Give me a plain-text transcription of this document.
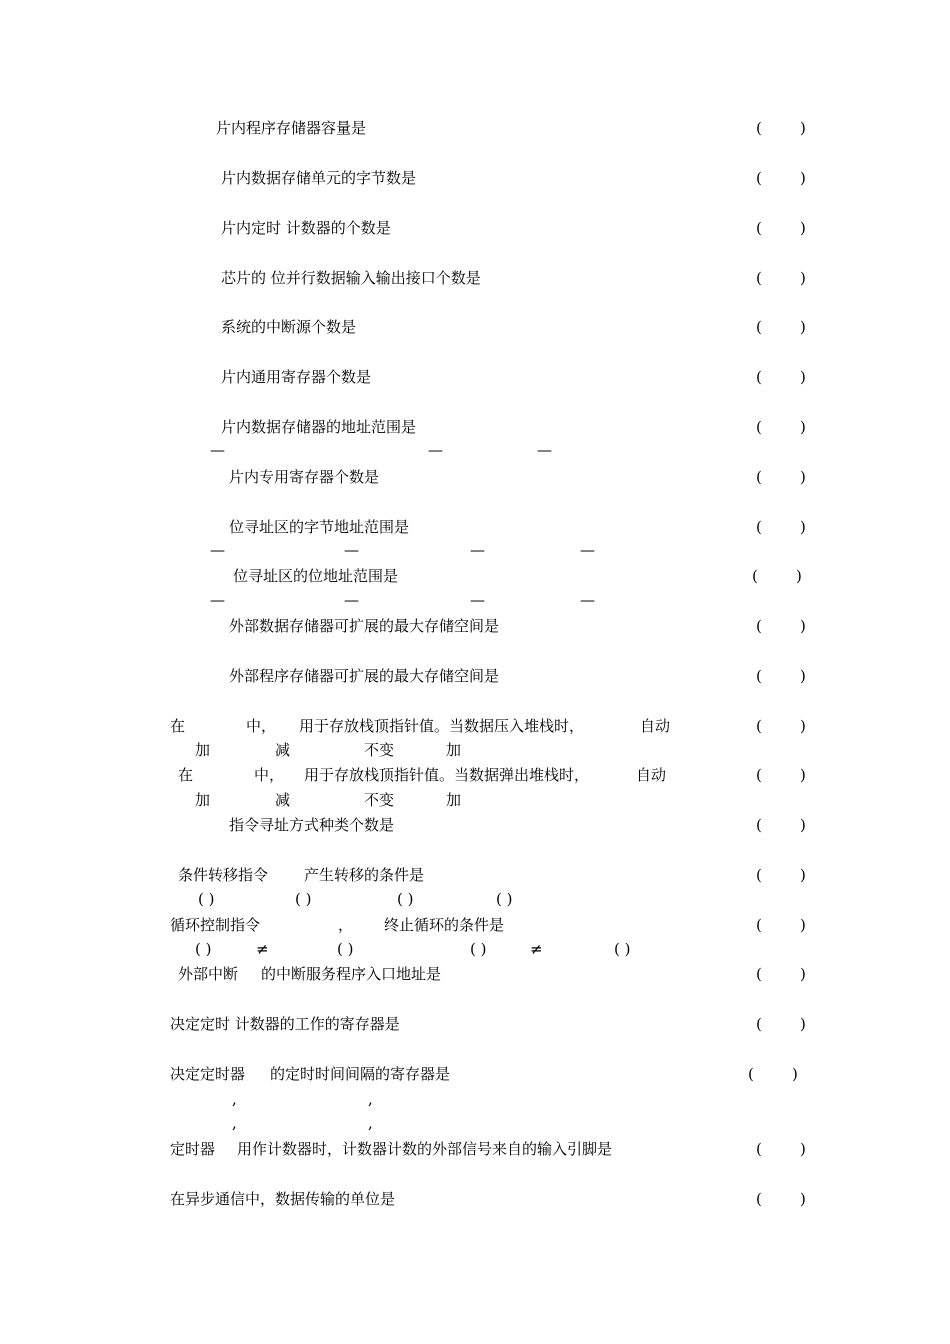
片内程序存储器容量是	(	)
片内数据存储单元的字节数是	(	)
片内定时 计数器的个数是	(	)
芯片的 位并行数据输入输出接口个数是	(	)
系统的中断源个数是	(	)
片内通用寄存器个数是	(	)
片内数据存储器的地址范围是	(	)
—	—	—
片内专用寄存器个数是	(	)
位寻址区的字节地址范围是	(	)
—	—	—	—
位寻址区的位地址范围是	(	)
—	—	—	—
外部数据存储器可扩展的最大存储空间是	(	)
外部程序存储器可扩展的最大存储空间是	(	)
在	中， 用于存放栈顶指针值。当数据压入堆栈时，	自动	(	)
加	减	不变	加
在	中， 用于存放栈顶指针值。当数据弹出堆栈时，	自动	(	)
加	减	不变	加
指令寻址方式种类个数是	(	)
条件转移指令 产生转移的条件是	(	)
( )	( )	( )	( )
循环控制指令	， 终止循环的条件是	(	)
( )	≠	( )	( )	≠	( )
外部中断 的中断服务程序入口地址是	(	)
决定定时 计数器的工作的寄存器是	(	)
决定定时器 的定时时间间隔的寄存器是	(	)
,	,
,	,
定时器 用作计数器时，计数器计数的外部信号来自的输入引脚是	(	)
在异步通信中，数据传输的单位是	(	)
